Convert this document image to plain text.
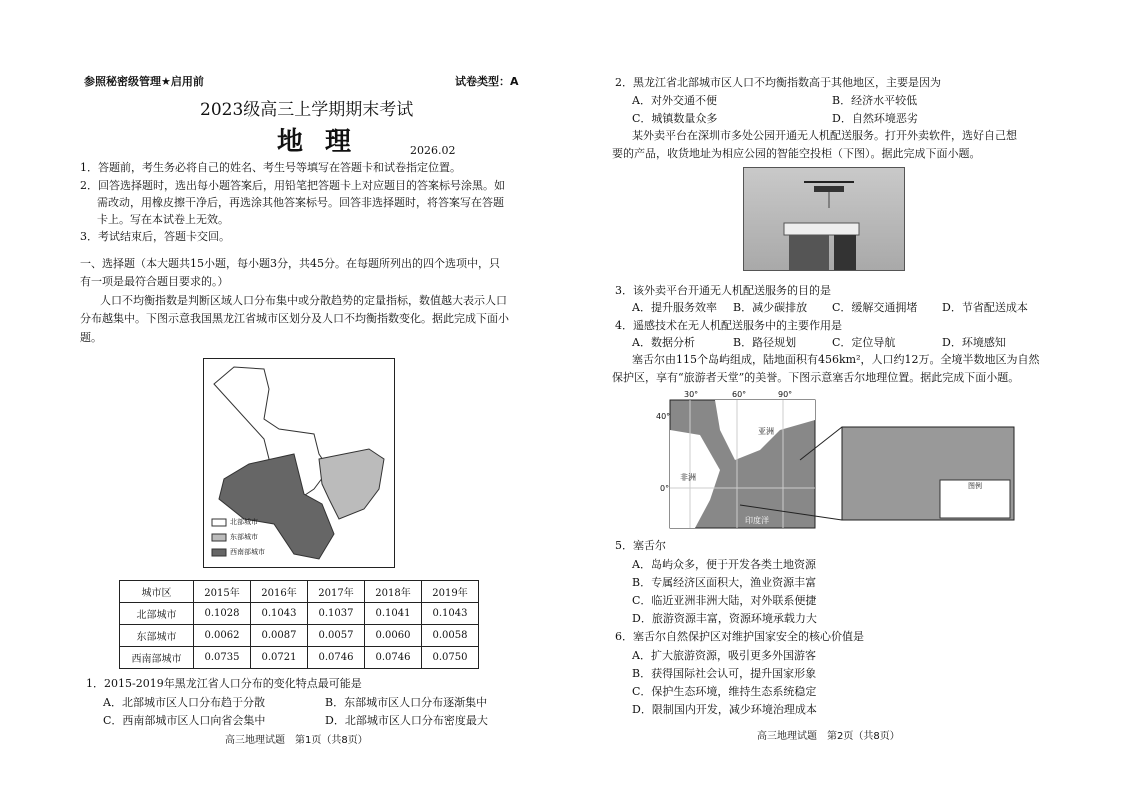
参照秘密级管理★启用前	试卷类型：A
2023级高三上学期期末考试
地理	2026.02
1．答题前，考生务必将自己的姓名、考生号等填写在答题卡和试卷指定位置。
2．回答选择题时，选出每小题答案后，用铅笔把答题卡上对应题目的答案标号涂黑。如
需改动，用橡皮擦干净后，再选涂其他答案标号。回答非选择题时，将答案写在答题
卡上。写在本试卷上无效。
3．考试结束后，答题卡交回。
一、选择题（本大题共15小题，每小题3分，共45分。在每题所列出的四个选项中，只
有一项是最符合题目要求的。）
人口不均衡指数是判断区域人口分布集中或分散趋势的定量指标，数值越大表示人口
分布越集中。下图示意我国黑龙江省城市区划分及人口不均衡指数变化。据此完成下面小
题。
北部城市
东部城市
西南部城市
城市区	2015年	2016年	2017年	2018年	2019年
北部城市	0.1028	0.1043	0.1037	0.1041	0.1043
东部城市	0.0062	0.0087	0.0057	0.0060	0.0058
西南部城市	0.0735	0.0721	0.0746	0.0746	0.0750
1．2015-2019年黑龙江省人口分布的变化特点最可能是
A．北部城市区人口分布趋于分散	B．东部城市区人口分布逐渐集中
C．西南部城市区人口向省会集中	D．北部城市区人口分布密度最大
高三地理试题　第1页（共8页）
2．黑龙江省北部城市区人口不均衡指数高于其他地区，主要是因为
A．对外交通不便	B．经济水平较低
C．城镇数量众多	D．自然环境恶劣
某外卖平台在深圳市多处公园开通无人机配送服务。打开外卖软件，选好自己想
要的产品，收货地址为相应公园的智能空投柜（下图）。据此完成下面小题。
3．该外卖平台开通无人机配送服务的目的是
A．提升服务效率 B．减少碳排放 C．缓解交通拥堵 D．节省配送成本
4．遥感技术在无人机配送服务中的主要作用是
A．数据分析	B．路径规划	C．定位导航	D．环境感知
塞舌尔由115个岛屿组成，陆地面积有456km²，人口约12万。全境半数地区为自然
保护区，享有“旅游者天堂”的美誉。下图示意塞舌尔地理位置。据此完成下面小题。
30°	60°	90°
40°
0°
亚洲
非洲
印度洋
图例
5．塞舌尔
A．岛屿众多，便于开发各类土地资源
B．专属经济区面积大，渔业资源丰富
C．临近亚洲非洲大陆，对外联系便捷
D．旅游资源丰富，资源环境承载力大
6．塞舌尔自然保护区对维护国家安全的核心价值是
A．扩大旅游资源，吸引更多外国游客
B．获得国际社会认可，提升国家形象
C．保护生态环境，维持生态系统稳定
D．限制国内开发，减少环境治理成本
高三地理试题　第2页（共8页）
